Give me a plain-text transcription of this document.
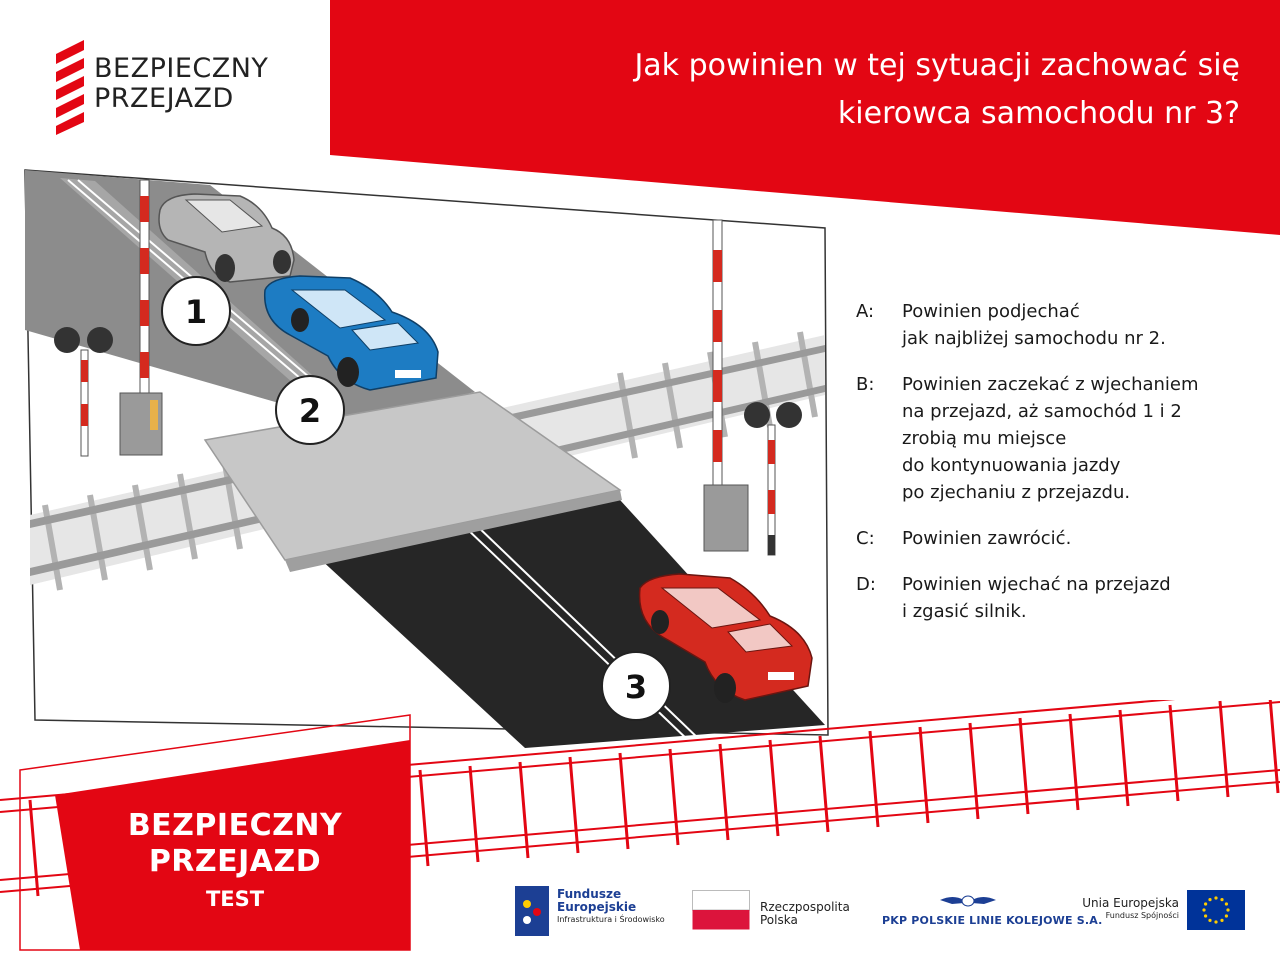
BEZPIECZNY
PRZEJAZD
Jak powinien w tej sytuacji zachować się
kierowca samochodu nr 3?
1
2
3
A: Powinien podjechać
jak najbliżej samochodu nr 2.
B: Powinien zaczekać z wjechaniem
na przejazd, aż samochód 1 i 2
zrobią mu miejsce
do kontynuowania jazdy
po zjechaniu z przejazdu.
C: Powinien zawrócić.
D: Powinien wjechać na przejazd
i zgasić silnik.
BEZPIECZNY
PRZEJAZD
TEST	Fundusze
Europejskie
Infrastruktura i Środowisko
Rzeczpospolita
Polska	PKP POLSKIE LINIE KOLEJOWE S.A.
Unia Europejska
Fundusz Spójności
